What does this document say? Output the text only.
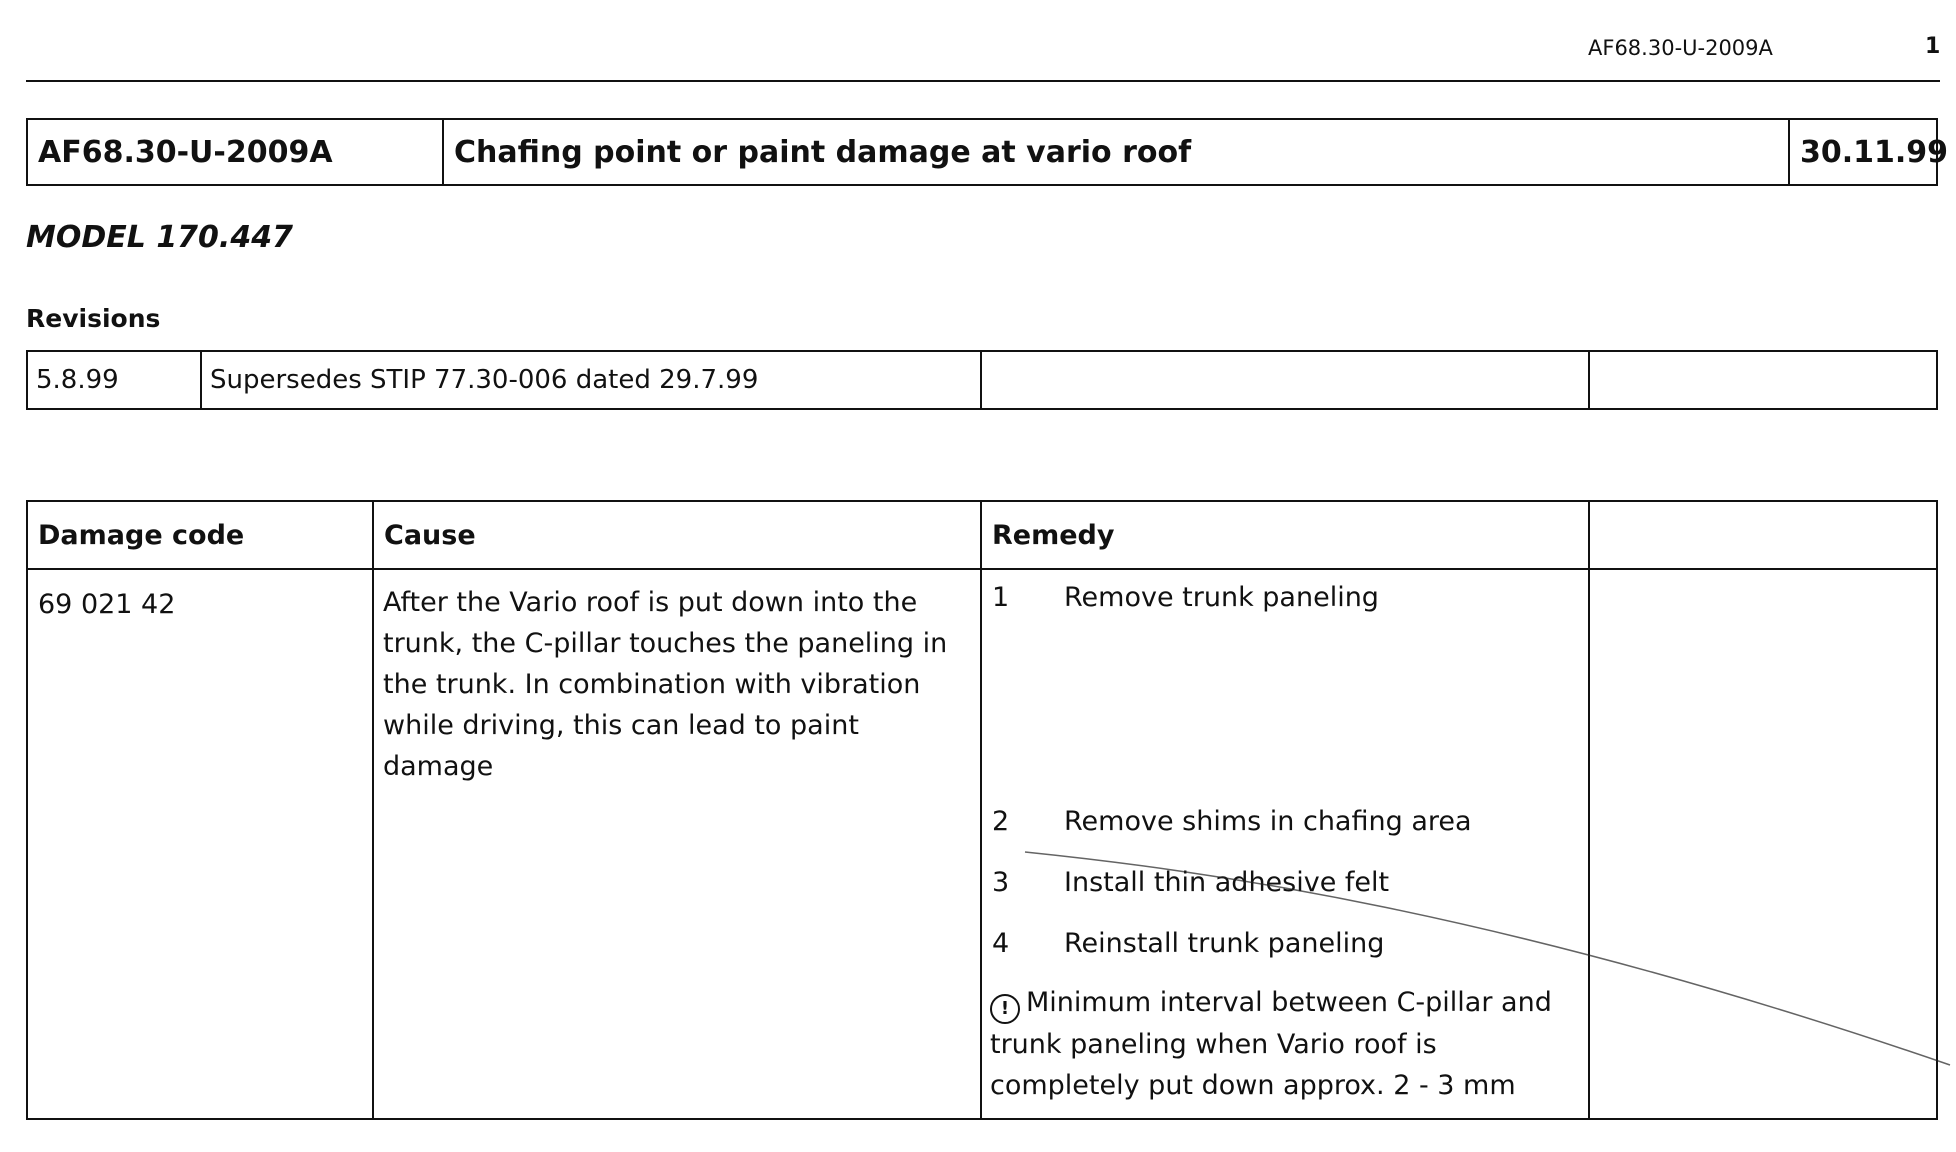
AF68.30-U-2009A	1
AF68.30-U-2009A	Chafing point or paint damage at vario roof	30.11.99
MODEL 170.447
Revisions
5.8.99	Supersedes STIP 77.30-006 dated 29.7.99
Damage code	Cause	Remedy
69 021 42	After the Vario roof is put down into the trunk, the C-pillar touches the paneling in the trunk. In combination with vibration while driving, this can lead to paint damage
1	Remove trunk paneling
2	Remove shims in chafing area
3	Install thin adhesive felt
4	Reinstall trunk paneling
! Minimum interval between C-pillar and trunk paneling when Vario roof is completely put down approx. 2 - 3 mm
